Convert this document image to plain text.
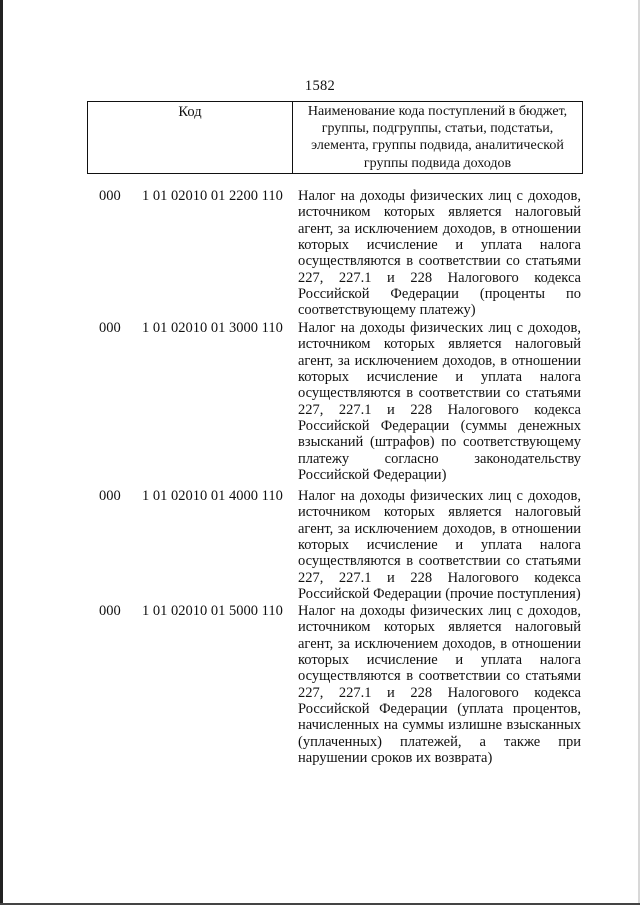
1582
Код	Наименование кода поступлений в бюджет, группы, подгруппы, статьи, подстатьи, элемента, группы подвида, аналитической группы подвида доходов
000 1 01 02010 01 2200 110 Налог на доходы физических лиц с доходов, источником которых является налоговый агент, за исключением доходов, в отношении которых исчисление и уплата налога осуществляются в соответствии со статьями 227, 227.1 и 228 Налогового кодекса Российской Федерации (проценты по соответствующему платежу)
000 1 01 02010 01 3000 110 Налог на доходы физических лиц с доходов, источником которых является налоговый агент, за исключением доходов, в отношении которых исчисление и уплата налога осуществляются в соответствии со статьями 227, 227.1 и 228 Налогового кодекса Российской Федерации (суммы денежных взысканий (штрафов) по соответствующему платежу согласно законодательству Российской Федерации)
000 1 01 02010 01 4000 110 Налог на доходы физических лиц с доходов, источником которых является налоговый агент, за исключением доходов, в отношении которых исчисление и уплата налога осуществляются в соответствии со статьями 227, 227.1 и 228 Налогового кодекса Российской Федерации (прочие поступления)
000 1 01 02010 01 5000 110 Налог на доходы физических лиц с доходов, источником которых является налоговый агент, за исключением доходов, в отношении которых исчисление и уплата налога осуществляются в соответствии со статьями 227, 227.1 и 228 Налогового кодекса Российской Федерации (уплата процентов, начисленных на суммы излишне взысканных (уплаченных) платежей, а также при нарушении сроков их возврата)
